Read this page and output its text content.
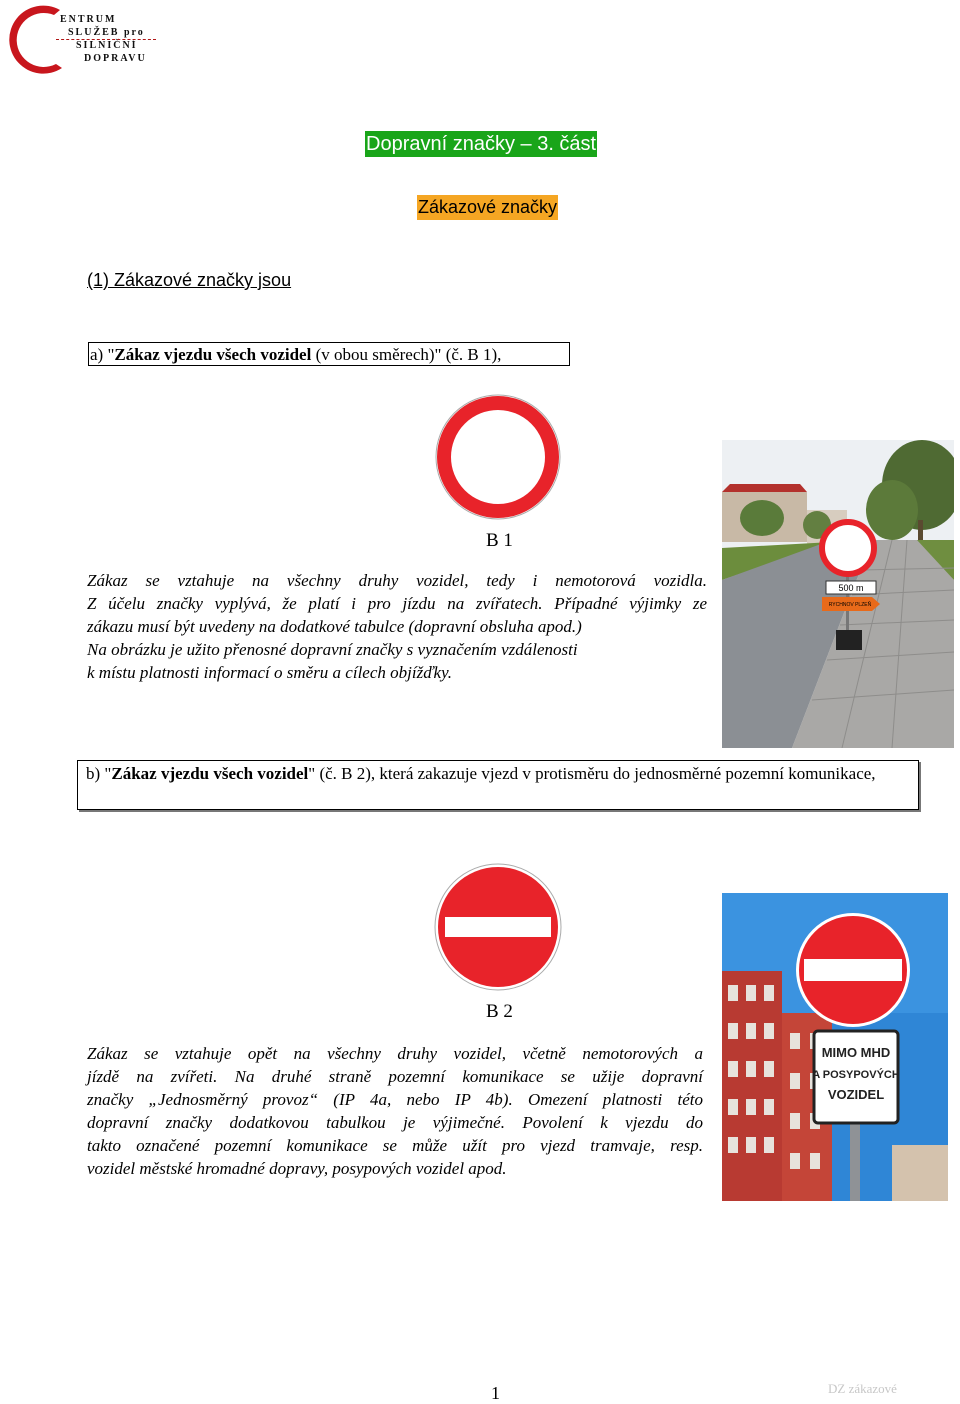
ENTRUM
SLUŽEB pro
SILNIČNÍ
DOPRAVU
Dopravní značky – 3. část
Zákazové značky
(1) Zákazové značky jsou
a) "Zákaz vjezdu všech vozidel (v obou směrech)" (č. B 1),
B 1
Zákaz se vztahuje na všechny druhy vozidel, tedy i nemotorová vozidla.
Z účelu značky vyplývá, že platí i pro jízdu na zvířatech. Případné výjimky ze
zákazu musí být uvedeny na dodatkové tabulce (dopravní obsluha apod.)
Na obrázku je užito přenosné dopravní značky s vyznačením vzdálenosti
k místu platnosti informací o směru a cílech objížďky.
500 m
RYCHNOV PLZEŇ
b) "Zákaz vjezdu všech vozidel" (č. B 2), která zakazuje vjezd v protisměru do jednosměrné pozemní komunikace,
B 2
Zákaz se vztahuje opět na všechny druhy vozidel, včetně nemotorových a
jízdě na zvířeti. Na druhé straně pozemní komunikace se užije dopravní
značky „Jednosměrný provoz“ (IP 4a, nebo IP 4b). Omezení platnosti této
dopravní značky dodatkovou tabulkou je výjimečné. Povolení k vjezdu do
takto označené pozemní komunikace se může užít pro vjezd tramvaje, resp.
vozidel městské hromadné dopravy, posypových vozidel apod.
MIMO MHD
A POSYPOVÝCH
VOZIDEL
1	DZ zákazové
